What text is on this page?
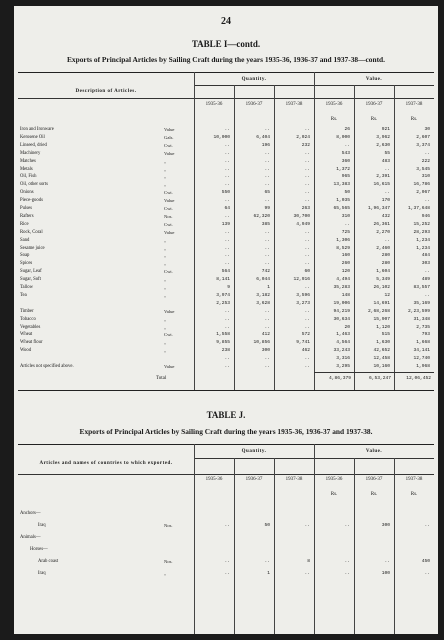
24
TABLE I—contd.
Exports of Principal Articles by Sailing Craft during the years 1935-36, 1936-37 and 1937-38—contd.
Description of Articles.
Quantity.	Value.
1935-36	1936-37	1937-38	1935-36	1936-37	1937-38
Rs.	Rs.	Rs.
Iron and Ironware	Value	..	..	..	26	921	30
Kerosene Oil	Gals.	10,000	6,404	2,024	8,000	3,962	2,607
Linseed, dried	Cwt.	..	196	232	..	2,630	3,374
Machinery	Value	..	..	..	543	55	..
Matches	,,	..	..	..	360	483	222
Metals	,,	..	..	..	1,372	..	3,545
Oil, Fish	,,	..	..	..	965	2,391	310
Oil, other sorts	,,	..	..	..	13,383	16,615	16,786
Onions	Cwt.	550	65	..	50	..	2,067
Piece-goods	Value	..	..	..	1,035	170	..
Pulses	Cwt.	64	99	263	65,565	1,96,347	1,37,648
Rafters	Nos.	..	62,320	30,700	310	432	946
Rice	Cwt.	139	385	4,949	..	26,361	15,252
Rock, Coral	Value	..	..	..	725	2,270	28,293
Sand	,,	..	..	..	1,306	..	1,234
Sesame juice	,,	..	..	..	8,529	2,460	1,234
Soap	,,	..	..	..	160	280	484
Spices	,,	..	..	..	260	280	303
Sugar, Leaf	Cwt.	564	742	60	120	1,604	..
Sugar, Soft	,,	8,141	6,044	12,916	4,494	5,349	489
Tallow	,,	9	1	..	35,283	26,102	83,557
Tea	,,	3,974	3,182	3,596	148	12	..
2,253	3,628	3,273	19,006	14,691	35,169
Timber	Value	..	..	..	94,219	2,68,268	2,23,599
Tobacco	,,	..	..	..	30,634	15,907	31,348
Vegetables	,,	..	..	..	20	1,120	2,735
Wheat	Cwt.	1,558	412	572	1,463	515	793
Wheat flour	,,	9,855	10,856	9,741	4,564	1,630	1,668
Wood	,,	238	300	462	33,243	42,652	34,141
..	..	..	3,316	12,458	12,740
Articles not specified above.	Value	..	..	..	3,295	10,160	1,968
Total	4,86,379	6,53,247	12,06,452
TABLE J.
Exports of Principal Articles by Sailing Craft during the years 1935-36, 1936-37 and 1937-38.
Articles and names of countries to which exported.
Quantity.	Value.
1935-36	1936-37	1937-38	1935-36	1936-37	1937-38
Rs.	Rs.	Rs.
Anchors—
Iraq	Nos.	..	50	..	..	300	..
Animals—
Horses—
Arab coast	Nos.	..	..	8	..	..	450
Iraq	,,	..	1	..	..	100	..
